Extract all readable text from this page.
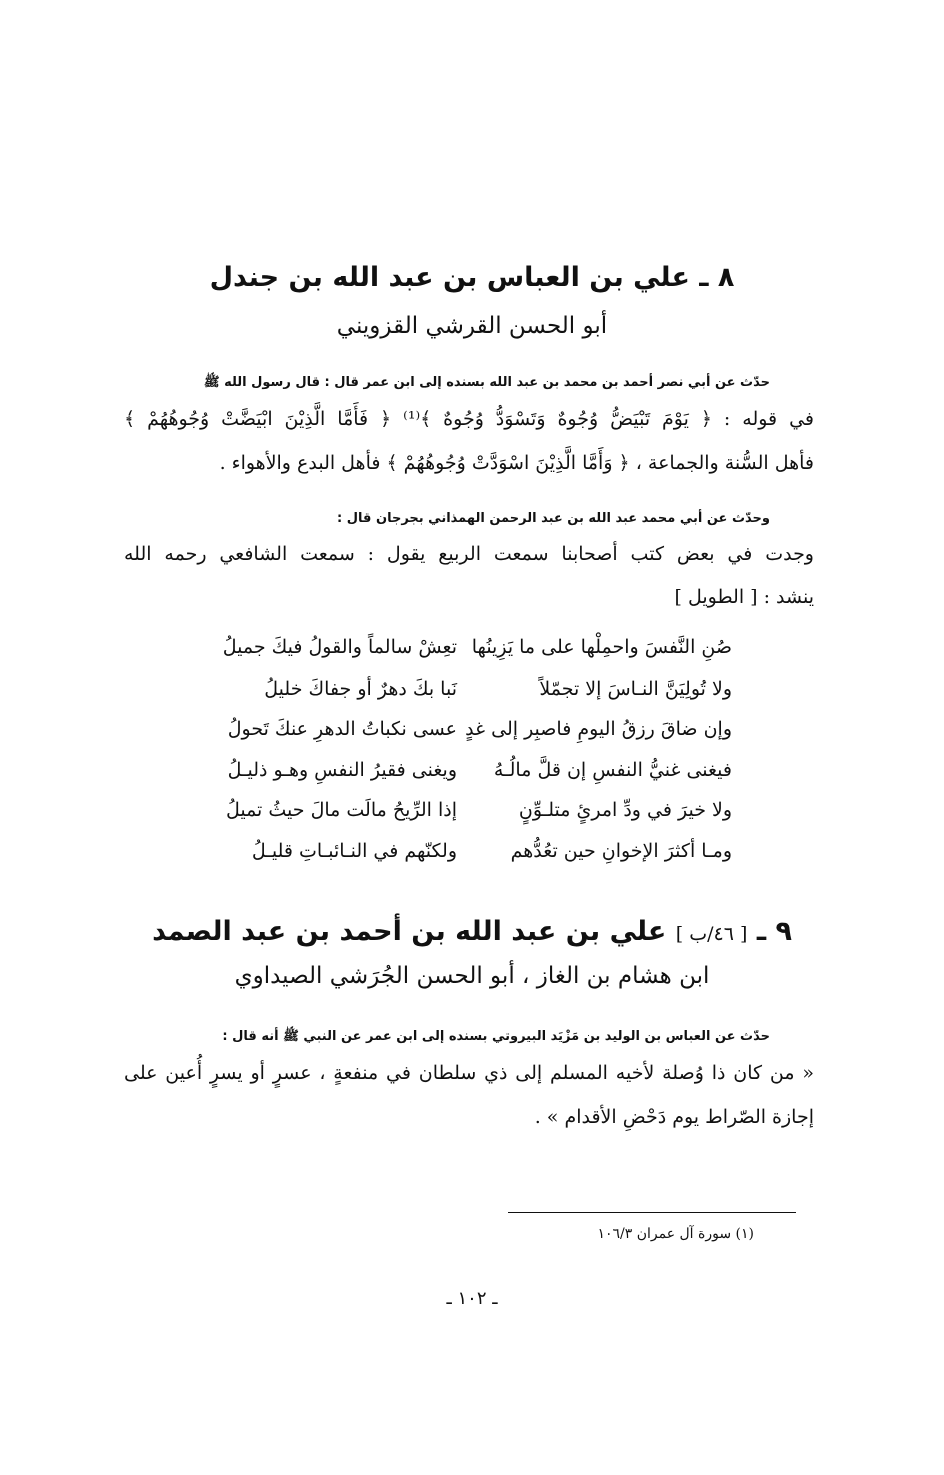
٨ ـ علي بن العباس بن عبد الله بن جندل
أبو الحسن القرشي القزويني
حدّث عن أبي نصر أحمد بن محمد بن عبد الله بسنده إلى ابن عمر قال : قال رسول الله ﷺ
في قوله : ﴿ يَوْمَ تَبْيَضُّ وُجُوهٌ وَتَسْوَدُّ وُجُوهٌ ﴾⁽¹⁾ ﴿ فَأَمَّا الَّذِيْنَ ابْيَضَّتْ وُجُوهُهُمْ ﴾
فأهل السُّنة والجماعة ، ﴿ وَأَمَّا الَّذِيْنَ اسْوَدَّتْ وُجُوهُهُمْ ﴾ فأهل البدع والأهواء .
وحدّث عن أبي محمد عبد الله بن عبد الرحمن الهمذاني بجرجان قال :
وجدت في بعض كتب أصحابنا سمعت الربيع يقول : سمعت الشافعي رحمه الله
ينشد : [ الطويل ]
صُنِ النَّفسَ واحمِلْها على ما يَزِينُها
تعِشْ سالماً والقولُ فيكَ جميلُ
ولا تُولِيَنَّ النـاسَ إلا تجمّلاً
نَبا بكَ دهرٌ أو جفاكَ خليلُ
وإن ضاقَ رزقُ اليومِ فاصبِر إلى غدٍ
عسى نكباتُ الدهرِ عنكَ تَحولُ
فيغنى غنيُّ النفسِ إن قلَّ مالُـهُ
ويغنى فقيرُ النفسِ وهـو ذليـلُ
ولا خيرَ في ودِّ امرئٍ متلـوِّنٍ
إذا الرِّيحُ مالَت مالَ حيثُ تميلُ
ومـا أكثرَ الإخوانِ حين تعُدُّهم
ولكنّهم في النـائبـاتِ قليـلُ
٩ ـ [ ٤٦/ب ] علي بن عبد الله بن أحمد بن عبد الصمد
ابن هشام بن الغاز ، أبو الحسن الجُرَشي الصيداوي
حدّث عن العباس بن الوليد بن مَزْيَد البيروتي بسنده إلى ابن عمر عن النبي ﷺ أنه قال :
« من كان ذا وُصلة لأخيه المسلم إلى ذي سلطان في منفعةٍ ، عسرٍ أو يسرٍ أُعين على
إجازة الصّراط يوم دَحْضِ الأقدام » .
(١) سورة آل عمران ١٠٦/٣
ـ ١٠٢ ـ
